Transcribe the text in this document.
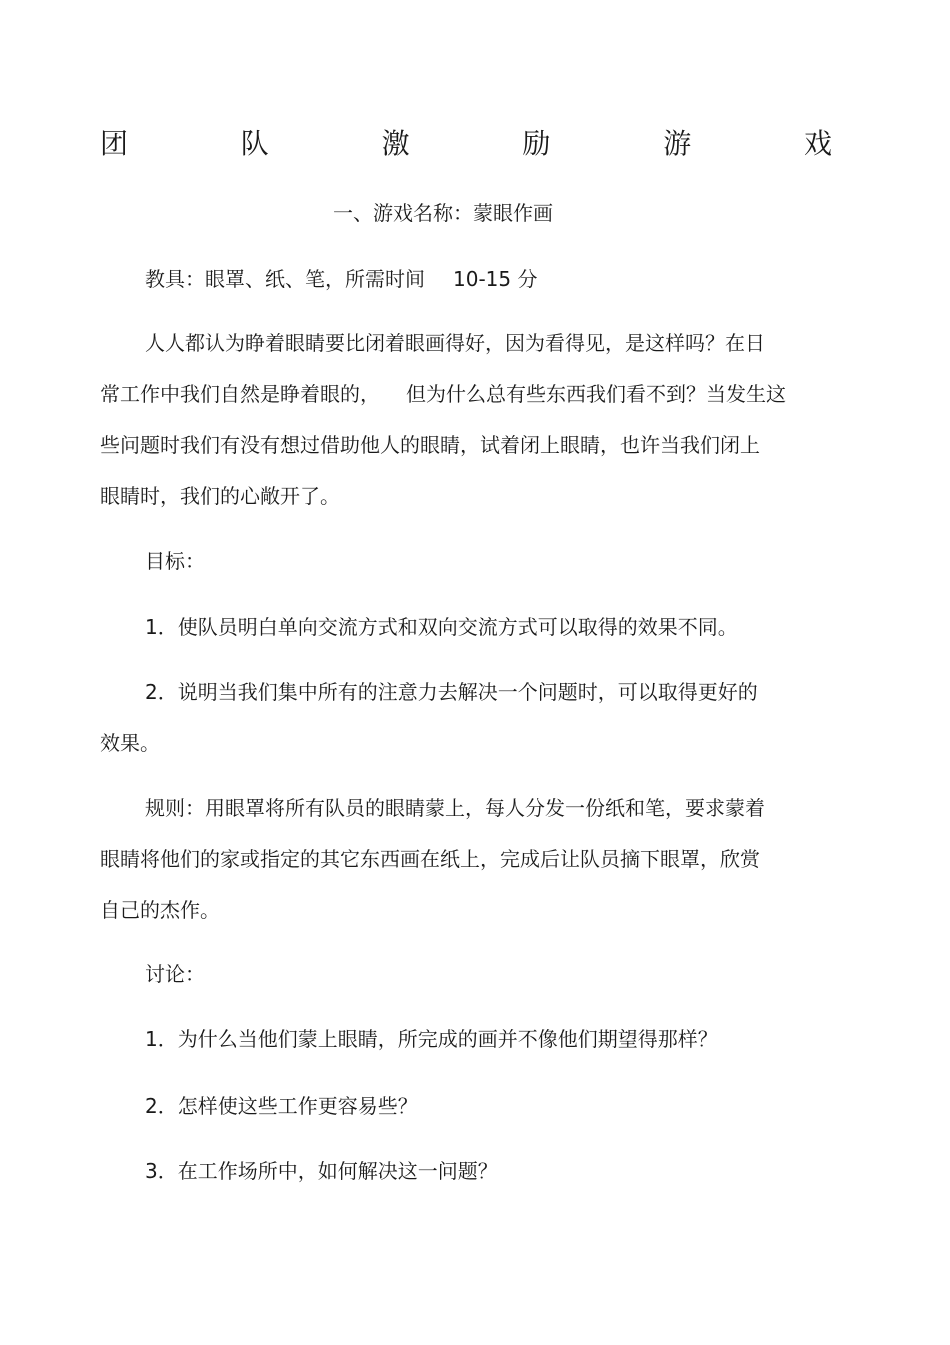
团	队	激	励	游	戏
一、游戏名称：蒙眼作画
教具：眼罩、纸、笔，所需时间 10-15 分
人人都认为睁着眼睛要比闭着眼画得好，因为看得见，是这样吗？在日
常工作中我们自然是睁着眼的， 但为什么总有些东西我们看不到？当发生这
些问题时我们有没有想过借助他人的眼睛，试着闭上眼睛，也许当我们闭上
眼睛时，我们的心敞开了。
目标：
1．使队员明白单向交流方式和双向交流方式可以取得的效果不同。
2．说明当我们集中所有的注意力去解决一个问题时，可以取得更好的
效果。
规则：用眼罩将所有队员的眼睛蒙上，每人分发一份纸和笔，要求蒙着
眼睛将他们的家或指定的其它东西画在纸上，完成后让队员摘下眼罩，欣赏
自己的杰作。
讨论：
1．为什么当他们蒙上眼睛，所完成的画并不像他们期望得那样？
2．怎样使这些工作更容易些？
3．在工作场所中，如何解决这一问题？
